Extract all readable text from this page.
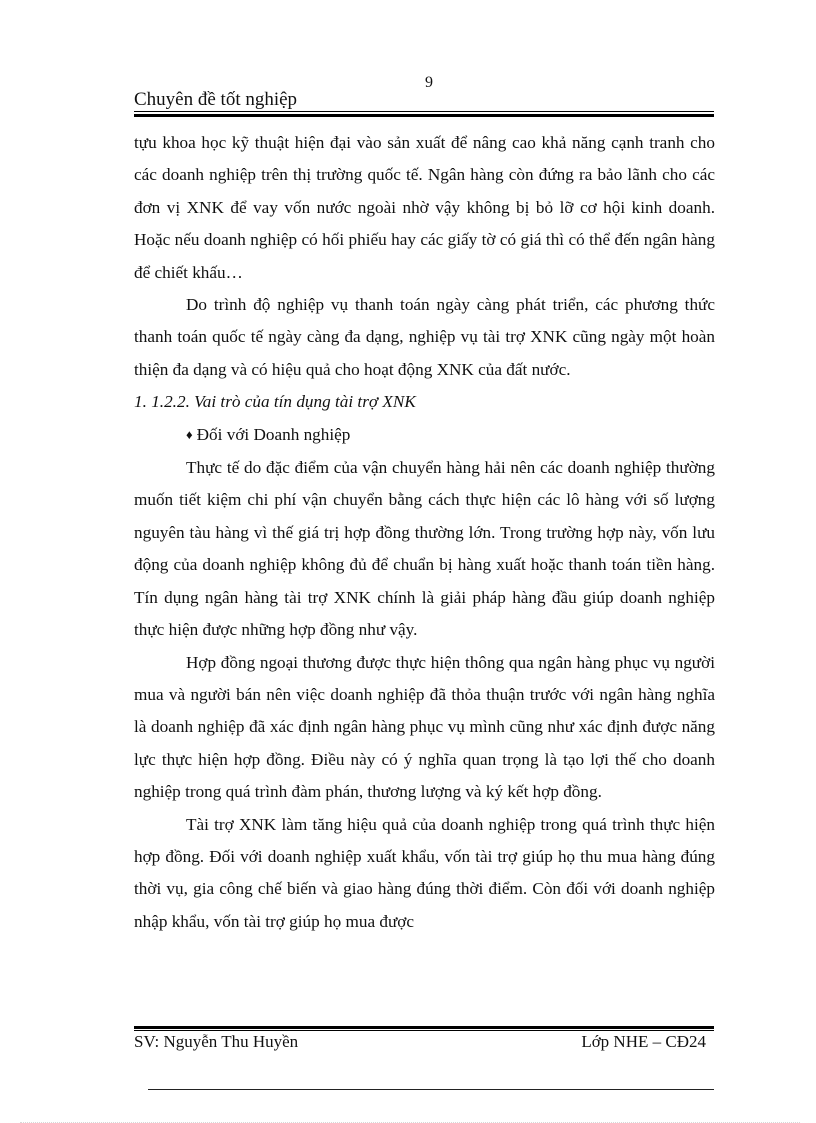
9
Chuyên đề tốt nghiệp

tựu khoa học kỹ thuật hiện đại vào sản xuất để nâng cao khả năng cạnh tranh cho các doanh nghiệp trên thị trường quốc tế. Ngân hàng còn đứng ra bảo lãnh cho các đơn vị XNK để vay vốn nước ngoài nhờ vậy không bị bỏ lỡ cơ hội kinh doanh. Hoặc nếu doanh nghiệp có hối phiếu hay các giấy tờ có giá thì có thể đến ngân hàng để chiết khấu…

Do trình độ nghiệp vụ thanh toán ngày càng phát triển, các phương thức thanh toán quốc tế ngày càng đa dạng, nghiệp vụ tài trợ XNK cũng ngày một hoàn thiện đa dạng và có hiệu quả cho hoạt động XNK của đất nước.

1. 1.2.2. Vai trò của tín dụng tài trợ XNK
♦ Đối với Doanh nghiệp

Thực tế do đặc điểm của vận chuyển hàng hải nên các doanh nghiệp thường muốn tiết kiệm chi phí vận chuyển bằng cách thực hiện các lô hàng với số lượng nguyên tàu hàng vì thế giá trị hợp đồng thường lớn. Trong trường hợp này, vốn lưu động của doanh nghiệp không đủ để chuẩn bị hàng xuất hoặc thanh toán tiền hàng. Tín dụng ngân hàng tài trợ XNK chính là giải pháp hàng đầu giúp doanh nghiệp thực hiện được những hợp đồng như vậy.

Hợp đồng ngoại thương được thực hiện thông qua ngân hàng phục vụ người mua và người bán nên việc doanh nghiệp đã thỏa thuận trước với ngân hàng nghĩa là doanh nghiệp đã xác định ngân hàng phục vụ mình cũng như xác định được năng lực thực hiện hợp đồng. Điều này có ý nghĩa quan trọng là tạo lợi thế cho doanh nghiệp trong quá trình đàm phán, thương lượng và ký kết hợp đồng.

Tài trợ XNK làm tăng hiệu quả của doanh nghiệp trong quá trình thực hiện hợp đồng. Đối với doanh nghiệp xuất khẩu, vốn tài trợ giúp họ thu mua hàng đúng thời vụ, gia công chế biến và giao hàng đúng thời điểm. Còn đối với doanh nghiệp nhập khẩu, vốn tài trợ giúp họ mua được

SV: Nguyễn Thu Huyền	Lớp NHE – CĐ24
